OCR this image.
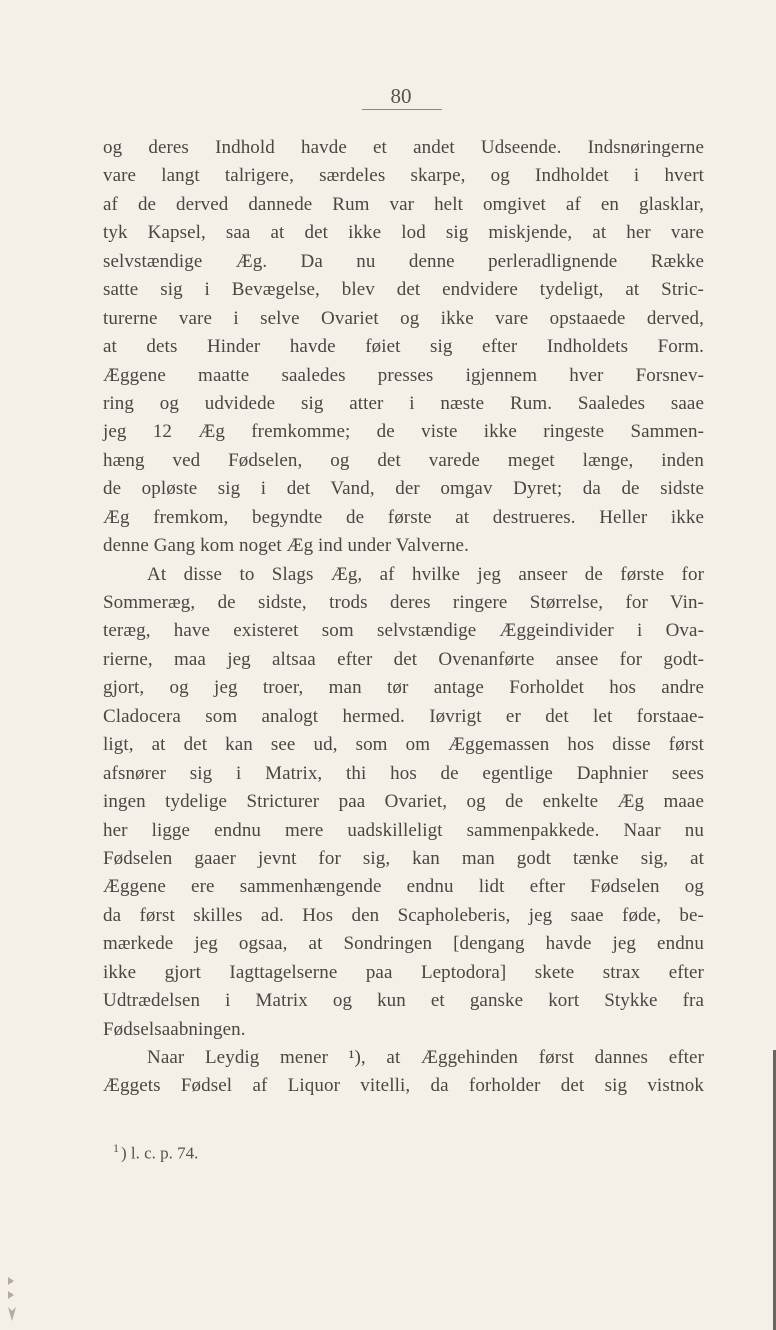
80
og deres Indhold havde et andet Udseende. Indsnøringerne
vare langt talrigere, særdeles skarpe, og Indholdet i hvert
af de derved dannede Rum var helt omgivet af en glasklar,
tyk Kapsel, saa at det ikke lod sig miskjende, at her vare
selvstændige Æg. Da nu denne perleradlignende Række
satte sig i Bevægelse, blev det endvidere tydeligt, at Stric-
turerne vare i selve Ovariet og ikke vare opstaaede derved,
at dets Hinder havde føiet sig efter Indholdets Form.
Æggene maatte saaledes presses igjennem hver Forsnev-
ring og udvidede sig atter i næste Rum. Saaledes saae
jeg 12 Æg fremkomme; de viste ikke ringeste Sammen-
hæng ved Fødselen, og det varede meget længe, inden
de opløste sig i det Vand, der omgav Dyret; da de sidste
Æg fremkom, begyndte de første at destrueres. Heller ikke
denne Gang kom noget Æg ind under Valverne.
At disse to Slags Æg, af hvilke jeg anseer de første for
Sommeræg, de sidste, trods deres ringere Størrelse, for Vin-
teræg, have existeret som selvstændige Æggeindivider i Ova-
rierne, maa jeg altsaa efter det Ovenanførte ansee for godt-
gjort, og jeg troer, man tør antage Forholdet hos andre
Cladocera som analogt hermed. Iøvrigt er det let forstaae-
ligt, at det kan see ud, som om Æggemassen hos disse først
afsnører sig i Matrix, thi hos de egentlige Daphnier sees
ingen tydelige Stricturer paa Ovariet, og de enkelte Æg maae
her ligge endnu mere uadskilleligt sammenpakkede. Naar nu
Fødselen gaaer jevnt for sig, kan man godt tænke sig, at
Æggene ere sammenhængende endnu lidt efter Fødselen og
da først skilles ad. Hos den Scapholeberis, jeg saae føde, be-
mærkede jeg ogsaa, at Sondringen [dengang havde jeg endnu
ikke gjort Iagttagelserne paa Leptodora] skete strax efter
Udtrædelsen i Matrix og kun et ganske kort Stykke fra
Fødselsaabningen.
Naar Leydig mener ¹), at Æggehinden først dannes efter
Æggets Fødsel af Liquor vitelli, da forholder det sig vistnok
$^1$ ) l. c. p. 74.
